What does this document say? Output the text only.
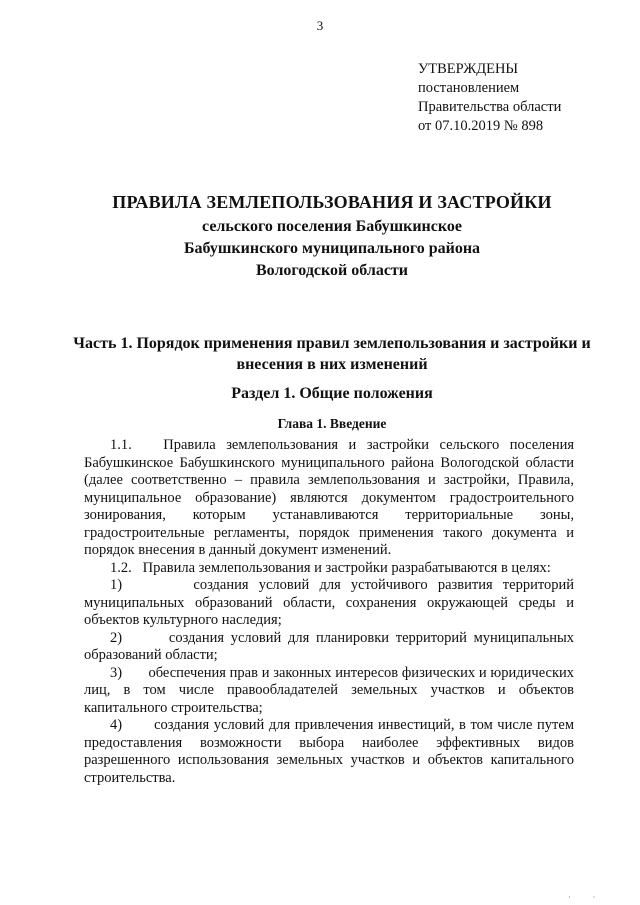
3
УТВЕРЖДЕНЫ
постановлением
Правительства области
от 07.10.2019 № 898
ПРАВИЛА ЗЕМЛЕПОЛЬЗОВАНИЯ И ЗАСТРОЙКИ
сельского поселения Бабушкинское
Бабушкинского муниципального района
Вологодской области
Часть 1. Порядок применения правил землепользования и застройки и внесения в них изменений
Раздел 1. Общие положения
Глава 1. Введение

1.1. Правила землепользования и застройки сельского поселения Бабушкинское Бабушкинского муниципального района Вологодской области (далее соответственно – правила землепользования и застройки, Правила, муниципальное образование) являются документом градостроительного зонирования, которым устанавливаются территориальные зоны, градостроительные регламенты, порядок применения такого документа и порядок внесения в данный документ изменений.

1.2. Правила землепользования и застройки разрабатываются в целях:

1)	создания условий для устойчивого развития территорий муниципальных образований области, сохранения окружающей среды и объектов культурного наследия;

2)	создания условий для планировки территорий муниципальных образований области;

3) обеспечения прав и законных интересов физических и юридических лиц, в том числе правообладателей земельных участков и объектов капитального строительства;

4) создания условий для привлечения инвестиций, в том числе путем предоставления возможности выбора наиболее эффективных видов разрешенного использования земельных участков и объектов капитального строительства.

· ·
